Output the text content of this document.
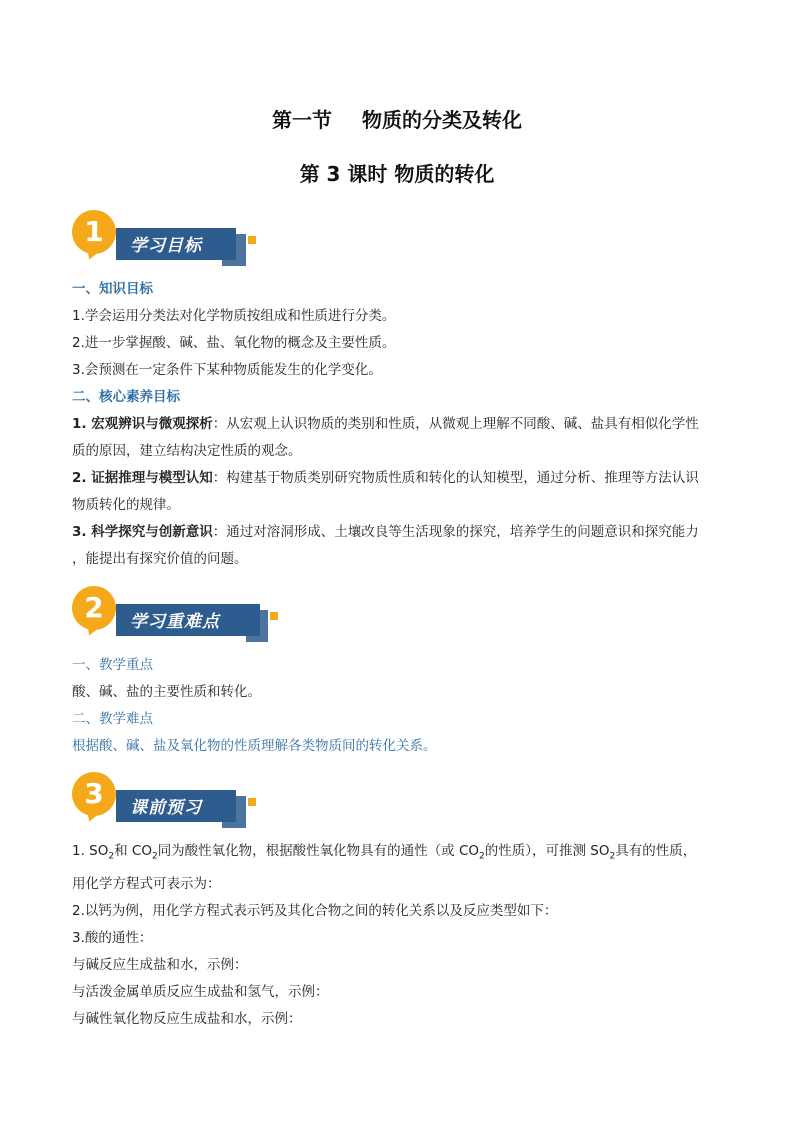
第一节 物质的分类及转化
第 3 课时 物质的转化
1	学习目标
一、知识目标
1.学会运用分类法对化学物质按组成和性质进行分类。
2.进一步掌握酸、碱、盐、氧化物的概念及主要性质。
3.会预测在一定条件下某种物质能发生的化学变化。
二、核心素养目标
1. 宏观辨识与微观探析：从宏观上认识物质的类别和性质，从微观上理解不同酸、碱、盐具有相似化学性
质的原因，建立结构决定性质的观念。
2. 证据推理与模型认知：构建基于物质类别研究物质性质和转化的认知模型，通过分析、推理等方法认识
物质转化的规律。
3. 科学探究与创新意识：通过对溶洞形成、土壤改良等生活现象的探究，培养学生的问题意识和探究能力
，能提出有探究价值的问题。
2	学习重难点
一、教学重点
酸、碱、盐的主要性质和转化。
二、教学难点
根据酸、碱、盐及氧化物的性质理解各类物质间的转化关系。
3	课前预习
1. $SO_2$和 $CO_2$同为酸性氧化物，根据酸性氧化物具有的通性（或 $CO_2$的性质），可推测 $SO_2$具有的性质，
用化学方程式可表示为：
2.以钙为例，用化学方程式表示钙及其化合物之间的转化关系以及反应类型如下：
3.酸的通性：
与碱反应生成盐和水，示例：
与活泼金属单质反应生成盐和氢气，示例：
与碱性氧化物反应生成盐和水，示例：
